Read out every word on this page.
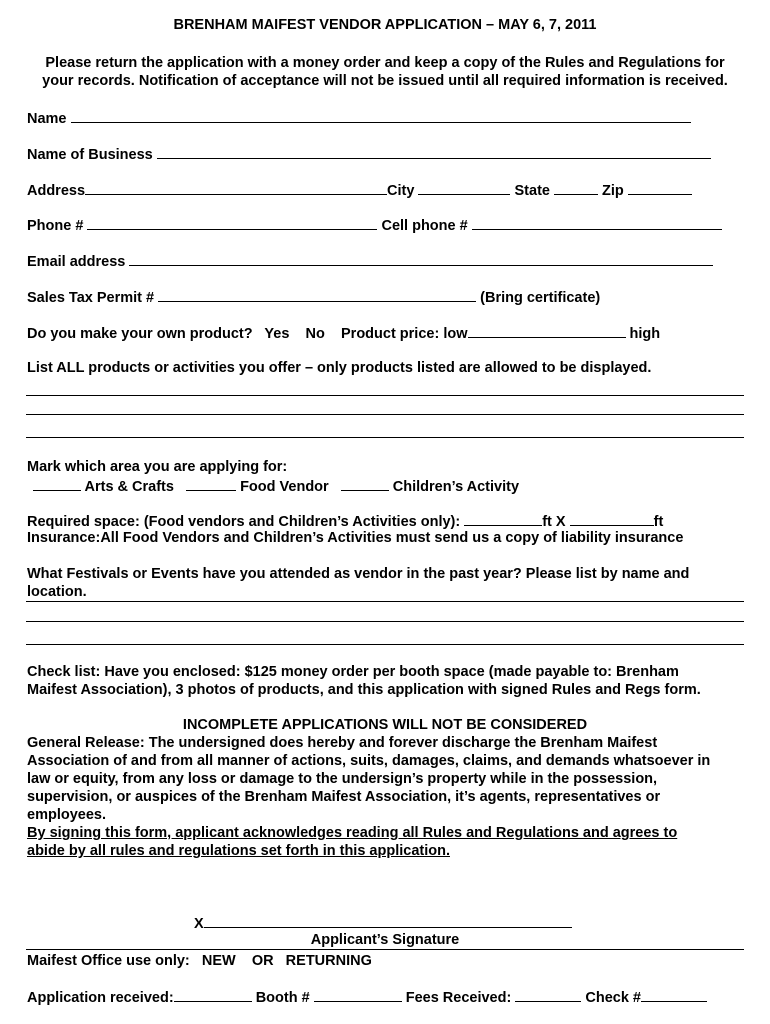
BRENHAM MAIFEST VENDOR APPLICATION – MAY 6, 7, 2011
Please return the application with a money order and keep a copy of the Rules and Regulations for
your records. Notification of acceptance will not be issued until all required information is received.
Name
Name of Business
Address	City	State	Zip
Phone #	Cell phone #
Email address
Sales Tax Permit #	(Bring certificate)
Do you make your own product? Yes No Product price: low	high
List ALL products or activities you offer – only products listed are allowed to be displayed.
Mark which area you are applying for:
Arts & Crafts	Food Vendor	Children’s Activity
Required space: (Food vendors and Children’s Activities only):	ft X	ft
Insurance:All Food Vendors and Children’s Activities must send us a copy of liability insurance
What Festivals or Events have you attended as vendor in the past year? Please list by name and
location.
Check list: Have you enclosed: $125 money order per booth space (made payable to: Brenham
Maifest Association), 3 photos of products, and this application with signed Rules and Regs form.
INCOMPLETE APPLICATIONS WILL NOT BE CONSIDERED
General Release: The undersigned does hereby and forever discharge the Brenham Maifest
Association of and from all manner of actions, suits, damages, claims, and demands whatsoever in
law or equity, from any loss or damage to the undersign’s property while in the possession,
supervision, or auspices of the Brenham Maifest Association, it’s agents, representatives or
employees.
By signing this form, applicant acknowledges reading all Rules and Regulations and agrees to
abide by all rules and regulations set forth in this application.
X
Applicant’s Signature
Maifest Office use only: NEW OR RETURNING
Application received:	Booth #	Fees Received:	Check #
